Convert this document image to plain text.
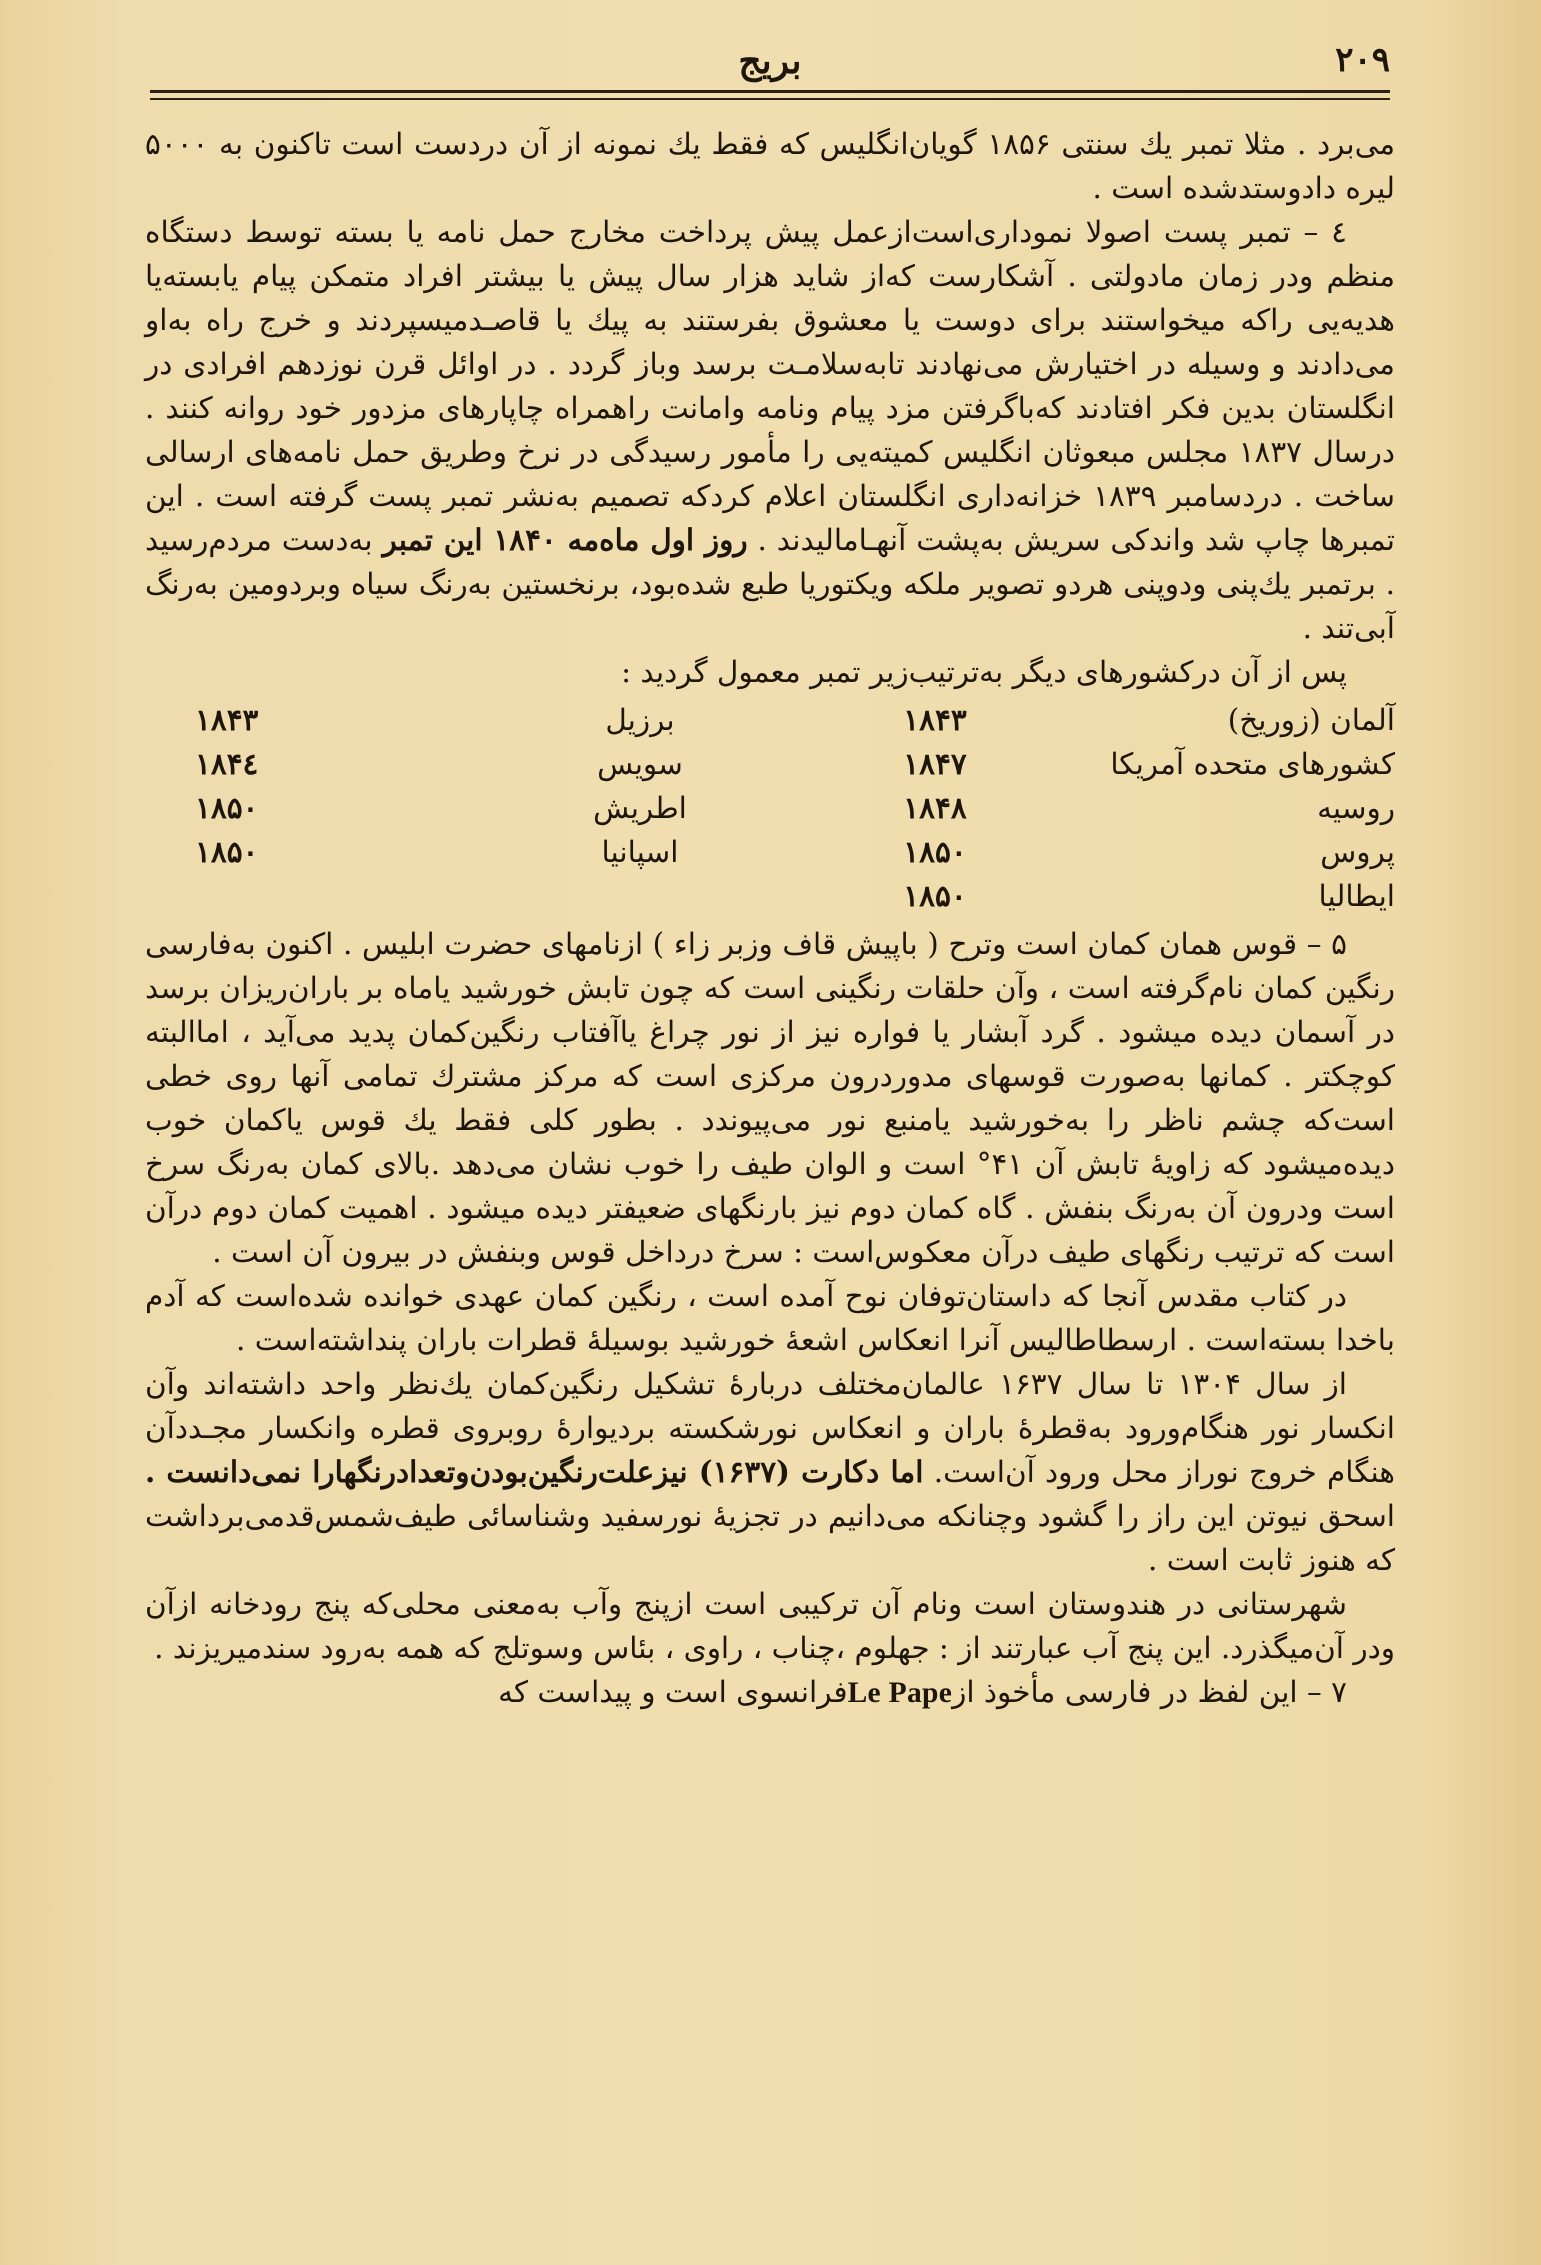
بریج	۲۰۹

می‌برد . مثلا تمبر یك سنتی ۱۸۵۶ گویان‌انگلیس که فقط یك نمونه از آن دردست است تاکنون به ۵۰۰۰ لیره دادوستدشده است .

٤ – تمبر پست اصولا نموداری‌است‌ازعمل پیش پرداخت مخارج حمل نامه یا بسته توسط دستگاه منظم ودر زمان مادولتی . آشکارست که‌از شاید هزار سال پیش یا بیشتر افراد متمکن پیام یابسته‌یا هدیه‌یی راکه میخواستند برای دوست یا معشوق بفرستند به پیك یا قاصـدمیسپردند و خرج راه به‌او می‌دادند و وسیله در اختیارش می‌نهادند تابه‌سلامـت برسد وباز گردد . در اوائل قرن نوزدهم افرادی در انگلستان بدین فکر افتادند که‌باگرفتن مزد پیام ونامه وامانت راهمراه چاپارهای مزدور خود روانه کنند . درسال ۱۸۳۷ مجلس مبعوثان انگلیس کمیته‌یی را مأمور رسیدگی در نرخ وطریق حمل نامه‌های ارسالی ساخت . دردسامبر ۱۸۳۹ خزانه‌داری انگلستان اعلام کردکه تصمیم به‌نشر تمبر پست گرفته است . این تمبرها چاپ شد واندکی سریش به‌پشت آنهـامالیدند . روز اول ماه‌مه ۱۸۴۰ این تمبر به‌دست مردم‌رسید . برتمبر یك‌پنی ودوپنی هردو تصویر ملکه ویکتوریا طبع شده‌بود، برنخستین به‌رنگ سیاه وبردومین به‌رنگ آبی‌تند .

پس از آن درکشورهای دیگر به‌ترتیب‌زیر تمبر معمول گردید :

آلمان (زوریخ)	۱۸۴۳	برزیل	۱۸۴۳
کشورهای متحده آمریکا	۱۸۴۷	سویس	۱۸۴٤
روسیه	۱۸۴۸	اطریش	۱۸۵۰
پروس	۱۸۵۰	اسپانیا	۱۸۵۰
ایطالیا	۱۸۵۰		

۵ – قوس همان کمان است وترح ( باپیش قاف وزبر زاء ) ازنامهای حضرت ابلیس . اکنون به‌فارسی رنگین کمان نام‌گرفته است ، وآن حلقات رنگینی است که چون تابش خورشید یاماه بر باران‌ریزان برسد در آسمان دیده میشود . گرد آبشار یا فواره نیز از نور چراغ یاآفتاب رنگین‌کمان پدید می‌آید ، اماالبته کوچکتر . کمانها به‌صورت قوسهای مدور‌درون مرکزی است که مرکز مشترك تمامی آنها روی خطی است‌که چشم ناظر را به‌خورشید یامنبع نور می‌پیوندد . بطور کلی فقط یك قوس یاکمان خوب دیده‌میشود که زاویهٔ تابش آن ۴۱° است و الوان طیف را خوب نشان می‌دهد .بالای کمان به‌رنگ سرخ است ودرون آن به‌رنگ بنفش . گاه کمان دوم نیز بارنگهای ضعیفتر دیده میشود . اهمیت کمان دوم درآن است که ترتیب رنگهای طیف درآن معکوس‌است : سرخ درداخل قوس وبنفش در بیرون آن است .

در کتاب مقدس آنجا که داستان‌توفان نوح آمده است ، رنگین کمان عهدی خوانده شده‌است که آدم باخدا بسته‌است . ارسطاطالیس آنرا انعکاس اشعهٔ خورشید بوسیلهٔ قطرات باران پنداشته‌است .

از سال ۱۳۰۴ تا سال ۱۶۳۷ عالمان‌مختلف دربارهٔ تشکیل رنگین‌کمان یك‌نظر واحد داشته‌اند وآن انکسار نور هنگام‌ورود به‌قطرهٔ باران و انعکاس نورشکسته بردیوارهٔ روبروی قطره وانکسار مجـددآن هنگام خروج نوراز محل ورود آن‌است. اما دکارت (۱۶۳۷) نیزعلت‌رنگین‌بودن‌وتعدادرنگهارا نمی‌دانست . اسحق نیوتن این راز را گشود وچنانکه می‌دانیم در تجزیهٔ نورسفید وشناسائی طیف‌شمس‌قدمی‌برداشت که هنوز ثابت است .

شهرستانی در هندوستان است ونام آن ترکیبی است ازپنج وآب به‌معنی محلی‌که پنج رودخانه ازآن ودر آن‌میگذرد. این پنج آب عبارتند از : جهلوم ،چناب ، راوی ، بئاس وسوتلج که همه به‌رود سندمیریزند .

۷ – این لفظ در فارسی مأخوذ ازLe Papeفرانسوی است و پیداست که
